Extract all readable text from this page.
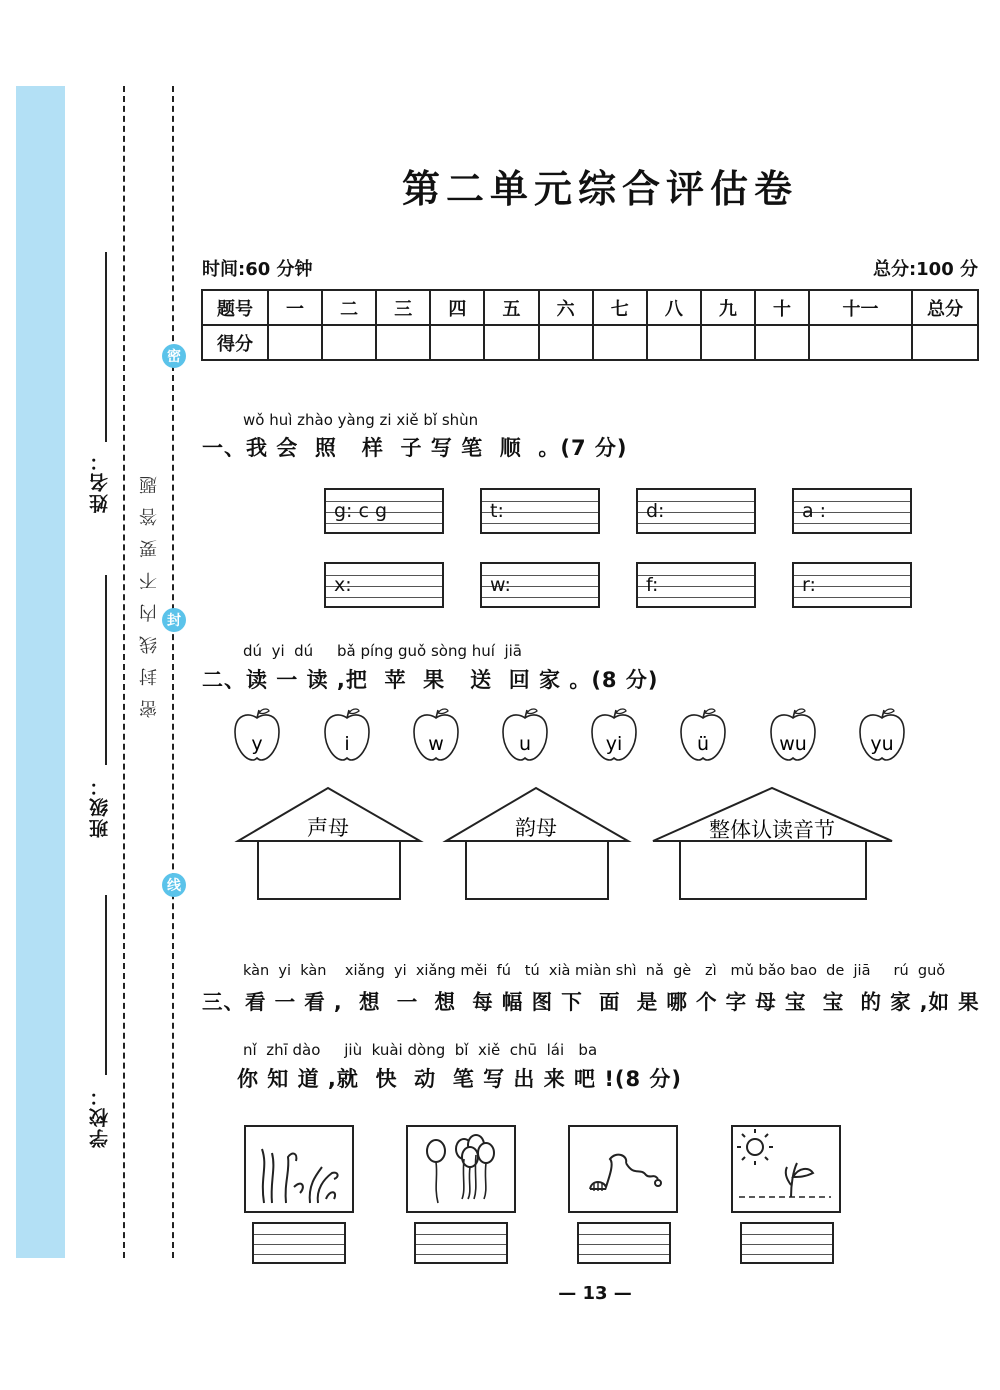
学校：
班级：
姓名： 密封线内不要答题
密
封
线
第二单元综合评估卷
时间:60 分钟	总分:100 分
题号	一	二	三	四	五	六	七	八	九	十	十一	总分
得分												
wǒ huì zhào yàng zi xiě bǐ shùn
一、我 会  照   样  子 写 笔  顺  。(7 分)
g: c g	t:	d:	a :
x:	w:	f:	r:
dú  yi  dú     bǎ píng guǒ sòng huí  jiā
二、读 一 读 ,把  苹  果   送  回 家 。(8 分)
y	i	w	u	yi	ü	wu	yu
声母	韵母	整体认读音节
kàn  yi  kàn    xiǎng  yi  xiǎng měi  fú   tú  xià miàn shì  nǎ  gè   zì   mǔ bǎo bao  de  jiā     rú  guǒ
三、看 一 看 ,  想  一  想  每 幅 图 下  面  是 哪 个 字 母 宝  宝  的 家 ,如 果
nǐ  zhī dào     jiù  kuài dòng  bǐ  xiě  chū  lái   ba
你 知 道 ,就  快  动  笔 写 出 来 吧 !(8 分)
— 13 —
